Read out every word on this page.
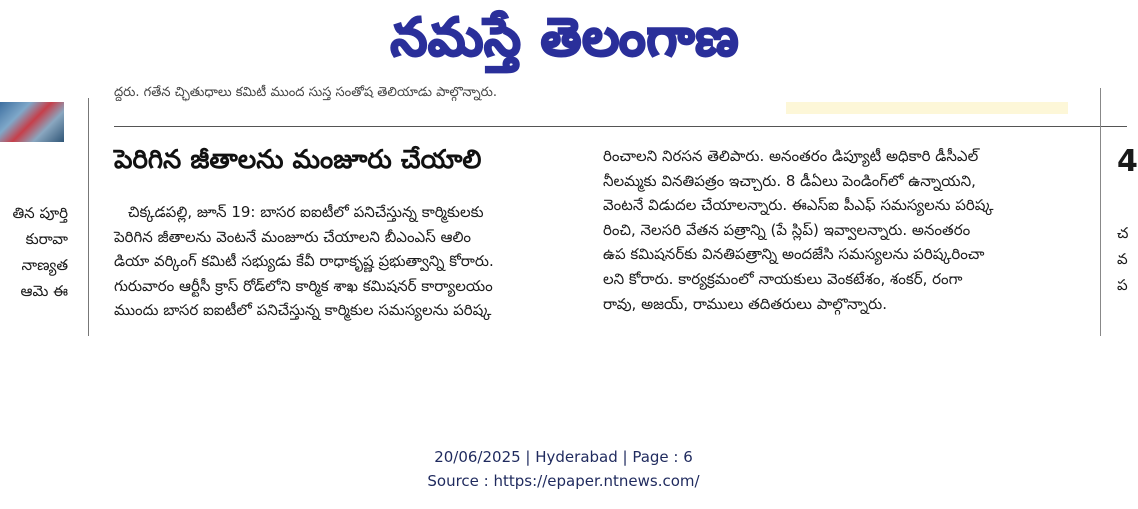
నమస్తే తెలంగాణ
ద్దరు. గతేన చ్ఛితుధాలు కమిటీ ముంద సుస్త సంతోష తెలియాడు పాల్గొన్నారు.
తిన పూర్తి
కురావా
నాణ్యత
ఆమె ఈ
4
చ
వ
ప
పెరిగిన జీతాలను మంజూరు చేయాలి
చిక్కడపల్లి, జూన్ 19: బాసర ఐఐటీలో పనిచేస్తున్న కార్మికులకు
పెరిగిన జీతాలను వెంటనే మంజూరు చేయాలని బీఎంఎస్ ఆలిం
డియా వర్కింగ్ కమిటీ సభ్యుడు కేవీ రాధాకృష్ణ ప్రభుత్వాన్ని కోరారు.
గురువారం ఆర్టీసీ క్రాస్ రోడ్‌లోని కార్మిక శాఖ కమిషనర్ కార్యాలయం
ముందు బాసర ఐఐటీలో పనిచేస్తున్న కార్మికుల సమస్యలను పరిష్క
రించాలని నిరసన తెలిపారు. అనంతరం డిప్యూటీ అధికారి డీసీఎల్
నీలమ్మకు వినతిపత్రం ఇచ్చారు. 8 డీఏలు పెండింగ్‌లో ఉన్నాయని,
వెంటనే విడుదల చేయాలన్నారు. ఈఎస్ఐ పీఎఫ్ సమస్యలను పరిష్క
రించి, నెలసరి వేతన పత్రాన్ని (పే స్లిప్) ఇవ్వాలన్నారు. అనంతరం
ఉప కమిషనర్‌కు వినతిపత్రాన్ని అందజేసి సమస్యలను పరిష్కరించా
లని కోరారు. కార్యక్రమంలో నాయకులు వెంకటేశం, శంకర్, రంగా
రావు, అజయ్, రాములు తదితరులు పాల్గొన్నారు.
20/06/2025 | Hyderabad | Page : 6
Source : https://epaper.ntnews.com/
